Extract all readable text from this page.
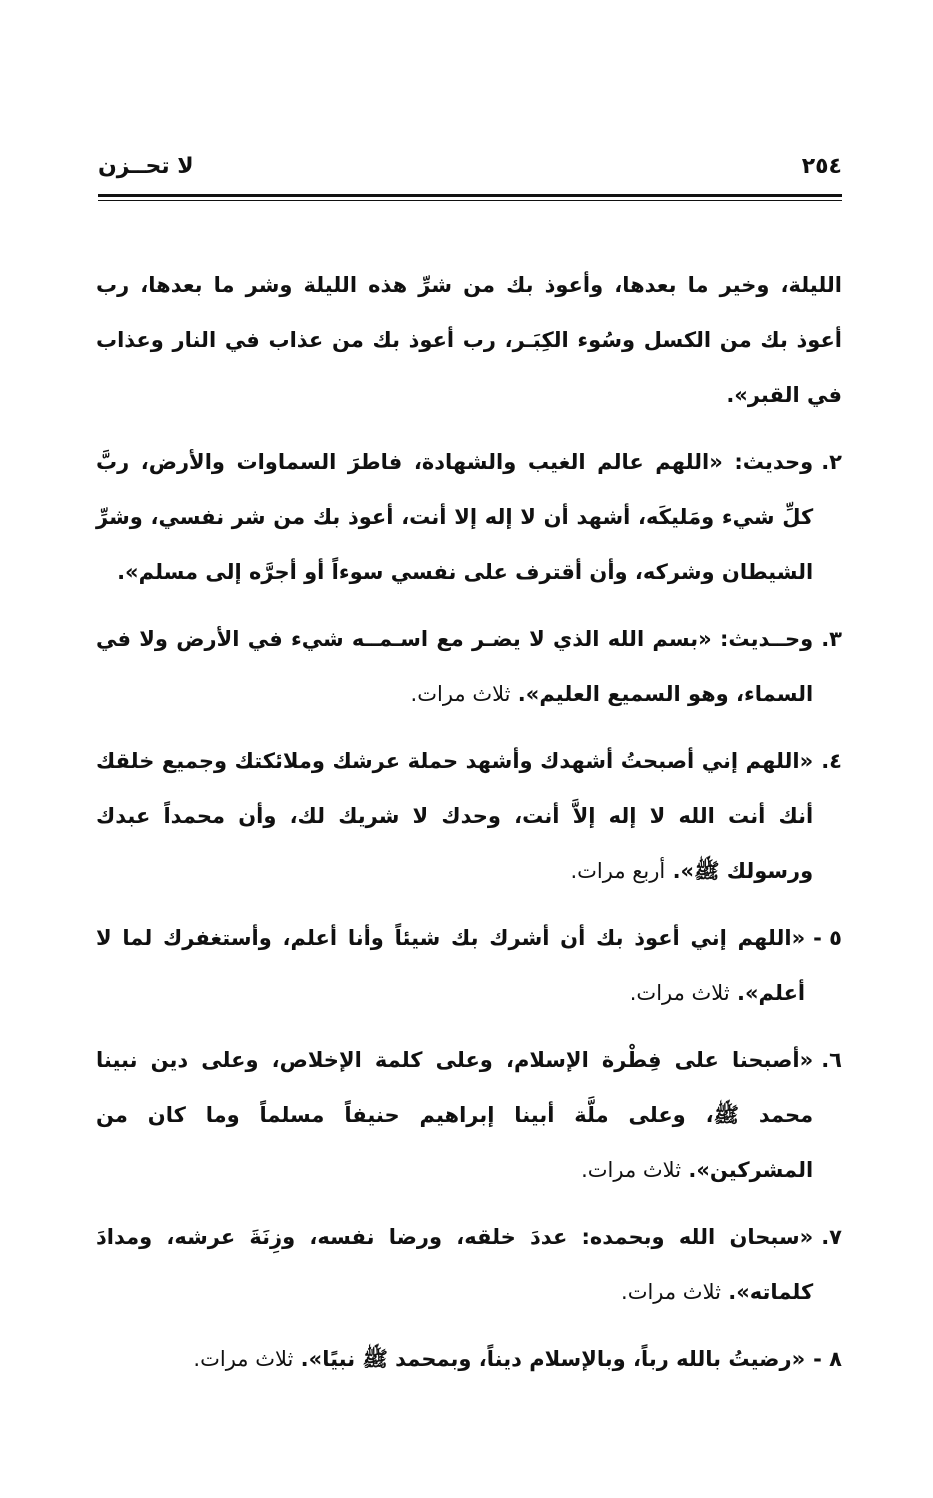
٢٥٤
لا تحــزن

الليلة، وخير ما بعدها، وأعوذ بك من شرِّ هذه الليلة وشر ما بعدها، رب أعوذ بك من الكسل وسُوء الكِبَـر، رب أعوذ بك من عذاب في النار وعذاب في القبر».

٢.
وحديث: «اللهم عالم الغيب والشهادة، فاطرَ السماوات والأرض، ربَّ كلِّ شيء ومَليكَه، أشهد أن لا إله إلا أنت، أعوذ بك من شر نفسي، وشرِّ الشيطان وشركه، وأن أقترف على نفسي سوءاً أو أجرَّه إلى مسلم».
٣.
وحــديث: «بسم الله الذي لا يضـر مع اسـمــه شيء في الأرض ولا في السماء، وهو السميع العليم». ثلاث مرات.
٤.
«اللهم إني أصبحتُ أشهدك وأشهد حملة عرشك وملائكتك وجميع خلقك أنك أنت الله لا إله إلاَّ أنت، وحدك لا شريك لك، وأن محمداً عبدك ورسولك ﷺ». أربع مرات.
٥ -
«اللهم إني أعوذ بك أن أشرك بك شيئاً وأنا أعلم، وأستغفرك لما لا أعلم». ثلاث مرات.
٦.
«أصبحنا على فِطْرة الإسلام، وعلى كلمة الإخلاص، وعلى دين نبينا محمد ﷺ، وعلى ملَّة أبينا إبراهيم حنيفاً مسلماً وما كان من المشركين». ثلاث مرات.
٧.
«سبحان الله وبحمده: عددَ خلقه، ورضا نفسه، وزِنَةَ عرشه، ومدادَ كلماته». ثلاث مرات.
٨ -
«رضيتُ بالله رباً، وبالإسلام ديناً، وبمحمد ﷺ نبيًا». ثلاث مرات.
